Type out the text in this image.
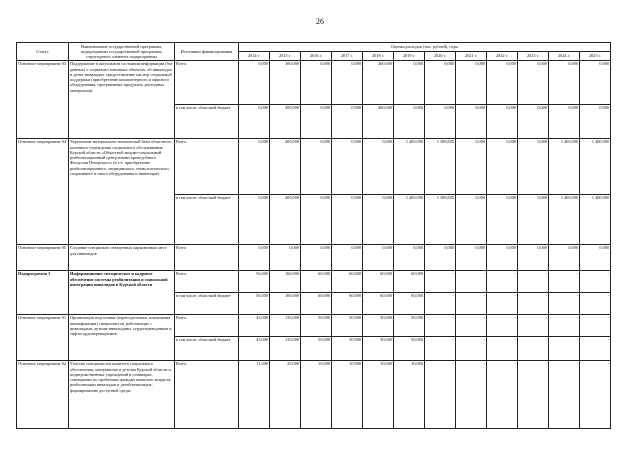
26
Статус	Наименование государственной программы, подпрограммы государственной программы, структурного элемента подпрограммы	Источники финансирования	Оценка расходов (тыс. рублей), годы											
			2014 г.	2015 г.	2016 г.	2017 г.	2018 г.	2019 г.	2020 г.	2021 г.	2022 г.	2023 г.	2024 г.	2025 г.
Основное мероприятие 03	Поддержание в актуальном состоянии информации (баз данных) о социально значимых объектах, об инвалидах и детях-инвалидах, предоставление им мер социальной поддержки (приобретение компьютерного и офисного оборудования, программных продуктов, расходных материалов)	Всего,	0,000	300,000	0,000	0,000	400,000	0,000	0,000	0,000	0,000	0,000	0,000	0,000
		в том числе: областной бюджет	0,000	300,000	0,000	0,000	400,000	0,000	0,000	0,000	0,000	0,000	0,000	0,000
Основное мероприятие 04	Укрепление материально-технической базы областного казенного учреждения социального обслуживания Курской области «Областной медико-социальный реабилитационный центр имени преподобного Феодосия Печерского» (в т.ч. приобретение реабилитационного, медицинского, технологического, спортивного и иного оборудования и инвентаря)	Всего,	0,000	400,000	0,000	0,000	0,000	1 400,000	1 398,695	0,000	0,000	0,000	1 400,000	1 400,000
		в том числе: областной бюджет	0,000	400,000	0,000	0,000	0,000	1 400,000	1 398,695	0,000	0,000	0,000	1 400,000	1 400,000
Основное мероприятие 05	Создание специально отведенных парковочных мест для инвалидов	Всего	0,000	0,000	0,000	0,000	0,000	0,000	0,000	0,000	0,000	0,000	0,000	0,000
Подпрограмма 3	Информационно-методическое и кадровое обеспечение системы реабилитации и социальной интеграции инвалидов в Курской области	Всего,	56,000	160,000	60,000	60,000	60,000	60,000	-	-	-	-	-	-
		в том числе: областной бюджет	56,000	160,000	60,000	60,000	60,000	60,000	-	-	-	-	-	-
Основное мероприятие 01	Организация подготовки (переподготовки, повышения квалификации) специалистов, работающих с инвалидами, детьми-инвалидами, сурдопереводчиков и тифлосурдопереводчиков	Всего,	45,000	135,000	50,000	50,000	50,000	50,000	-	-	-	-	-	-
		в том числе: областной бюджет	45,000	135,000	50,000	50,000	50,000	50,000	-	-	-	-	-	-
Основное мероприятие 02	Участие специалистов комитета социального обеспечения, материнства и детства Курской области и подведомственных учреждений в семинарах, совещаниях по проблемам граждан пожилого возраста, реабилитации инвалидов и детей-инвалидов, формированию доступной среды	Всего,	11,000	25,000	10,000	10,000	10,000	10,000	-	-	-	-	-	-
